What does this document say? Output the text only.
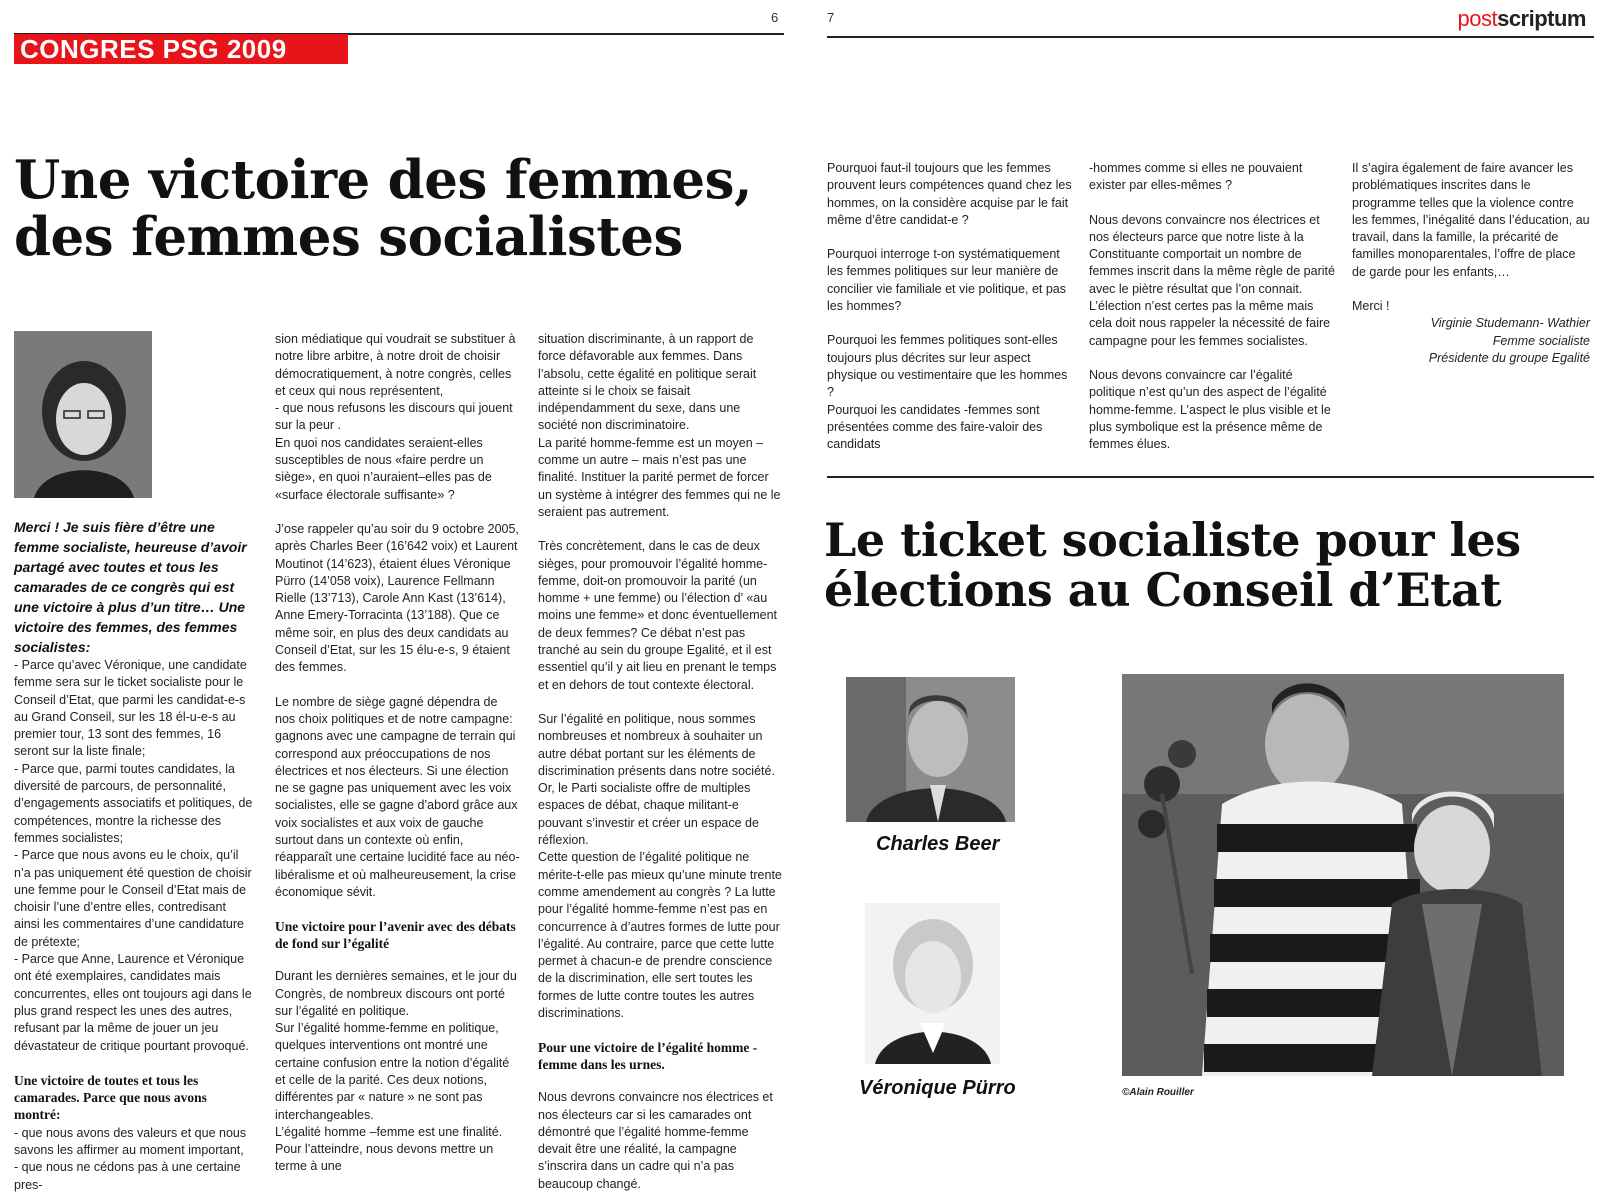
6	7
CONGRES PSG 2009
postscriptum
Une victoire des femmes, des femmes socialistes

Merci ! Je suis fière d’être une femme socialiste, heureuse d’avoir partagé avec toutes et tous les camarades de ce congrès qui est une victoire à plus d’un titre… Une victoire des femmes, des femmes socialistes:

- Parce qu’avec Véronique, une candidate femme sera sur le ticket socialiste pour le Conseil d’Etat, que parmi les candidat-e-s au Grand Conseil, sur les 18 él-u-e-s au premier tour, 13 sont des femmes, 16 seront sur la liste finale;
- Parce que, parmi toutes candidates, la diversité de parcours, de personnalité, d’engagements associatifs et politiques, de compétences, montre la richesse des femmes socialistes;
- Parce que nous avons eu le choix, qu’il n’a pas uniquement été question de choisir une femme pour le Conseil d’Etat mais de choisir l’une d’entre elles, contredisant ainsi les commentaires d’une candidature de prétexte;
- Parce que Anne, Laurence et Véronique ont été exemplaires, candidates mais concurrentes, elles ont toujours agi dans le plus grand respect les unes des autres, refusant par la même de jouer un jeu dévastateur de critique pourtant provoqué.

Une victoire de toutes et tous les camarades. Parce que nous avons montré:

- que nous avons des valeurs et que nous savons les affirmer au moment important,
- que nous ne cédons pas à une certaine pres-

sion médiatique qui voudrait se substituer à notre libre arbitre, à notre droit de choisir démocratiquement, à notre congrès, celles et ceux qui nous représentent,
- que nous refusons les discours qui jouent sur la peur .
En quoi nos candidates seraient-elles susceptibles de nous «faire perdre un siège», en quoi n’auraient–elles pas de «surface électorale suffisante» ?

J’ose rappeler qu’au soir du 9 octobre 2005, après Charles Beer (16’642 voix) et Laurent Moutinot (14’623), étaient élues Véronique Pürro (14’058 voix), Laurence Fellmann Rielle (13’713), Carole Ann Kast (13’614), Anne Emery-Torracinta (13’188). Que ce même soir, en plus des deux candidats au Conseil d’Etat, sur les 15 élu-e-s, 9 étaient des femmes.

Le nombre de siège gagné dépendra de nos choix politiques et de notre campagne: gagnons avec une campagne de terrain qui correspond aux préoccupations de nos électrices et nos électeurs. Si une élection ne se gagne pas uniquement avec les voix socialistes, elle se gagne d’abord grâce aux voix socialistes et aux voix de gauche surtout dans un contexte où enfin, réapparaît une certaine lucidité face au néo-libéralisme et où malheureusement, la crise économique sévit.

Une victoire pour l’avenir avec des débats de fond sur l’égalité

Durant les dernières semaines, et le jour du Congrès, de nombreux discours ont porté sur l’égalité en politique.
Sur l’égalité homme-femme en politique, quelques interventions ont montré une certaine confusion entre la notion d’égalité et celle de la parité. Ces deux notions, différentes par « nature » ne sont pas interchangeables.
L’égalité homme –femme est une finalité. Pour l’atteindre, nous devons mettre un terme à une

situation discriminante, à un rapport de force défavorable aux femmes. Dans l’absolu, cette égalité en politique serait atteinte si le choix se faisait indépendamment du sexe, dans une société non discriminatoire.
La parité homme-femme est un moyen – comme un autre – mais n’est pas une finalité. Instituer la parité permet de forcer un système à intégrer des femmes qui ne le seraient pas autrement.

Très concrètement, dans le cas de deux sièges, pour promouvoir l’égalité homme-femme, doit-on promouvoir la parité (un homme + une femme) ou l’élection d’ «au moins une femme» et donc éventuellement de deux femmes? Ce débat n’est pas tranché au sein du groupe Egalité, et il est essentiel qu’il y ait lieu en prenant le temps et en dehors de tout contexte électoral.

Sur l’égalité en politique, nous sommes nombreuses et nombreux à souhaiter un autre débat portant sur les éléments de discrimination présents dans notre société. Or, le Parti socialiste offre de multiples espaces de débat, chaque militant-e pouvant s’investir et créer un espace de réflexion.
Cette question de l’égalité politique ne mérite-t-elle pas mieux qu’une minute trente comme amendement au congrès ? La lutte pour l’égalité homme-femme n’est pas en concurrence à d’autres formes de lutte pour l’égalité. Au contraire, parce que cette lutte permet à chacun-e de prendre conscience de la discrimination, elle sert toutes les formes de lutte contre toutes les autres discriminations.

Pour une victoire de l’égalité homme -femme dans les urnes.

Nous devrons convaincre nos électrices et nos électeurs car si les camarades ont démontré que l’égalité homme-femme devait être une réalité, la campagne s’inscrira dans un cadre qui n’a pas beaucoup changé.

Pourquoi faut-il toujours que les femmes prouvent leurs compétences quand chez les hommes, on la considère acquise par le fait même d’être candidat-e ?

Pourquoi interroge t-on systématiquement les femmes politiques sur leur manière de concilier vie familiale et vie politique, et pas les hommes?

Pourquoi les femmes politiques sont-elles toujours plus décrites sur leur aspect physique ou vestimentaire que les hommes ?
Pourquoi les candidates -femmes sont présentées comme des faire-valoir des candidats

-hommes comme si elles ne pouvaient exister par elles-mêmes ?

Nous devons convaincre nos électrices et nos électeurs parce que notre liste à la Constituante comportait un nombre de femmes inscrit dans la même règle de parité avec le piètre résultat que l’on connait. L’élection n’est certes pas la même mais cela doit nous rappeler la nécessité de faire campagne pour les femmes socialistes.

Nous devons convaincre car l’égalité politique n’est qu’un des aspect de l’égalité homme-femme. L’aspect le plus visible et le plus symbolique est la présence même de femmes élues.

Il s’agira également de faire avancer les problématiques inscrites dans le programme telles que la violence contre les femmes, l’inégalité dans l’éducation, au travail, dans la famille, la précarité de familles monoparentales, l’offre de place de garde pour les enfants,…

Merci !

Virginie Studemann- Wathier
Femme socialiste
Présidente du groupe Egalité

Le ticket socialiste pour les élections au Conseil d’Etat
Charles Beer
Véronique Pürro	©Alain Rouiller
